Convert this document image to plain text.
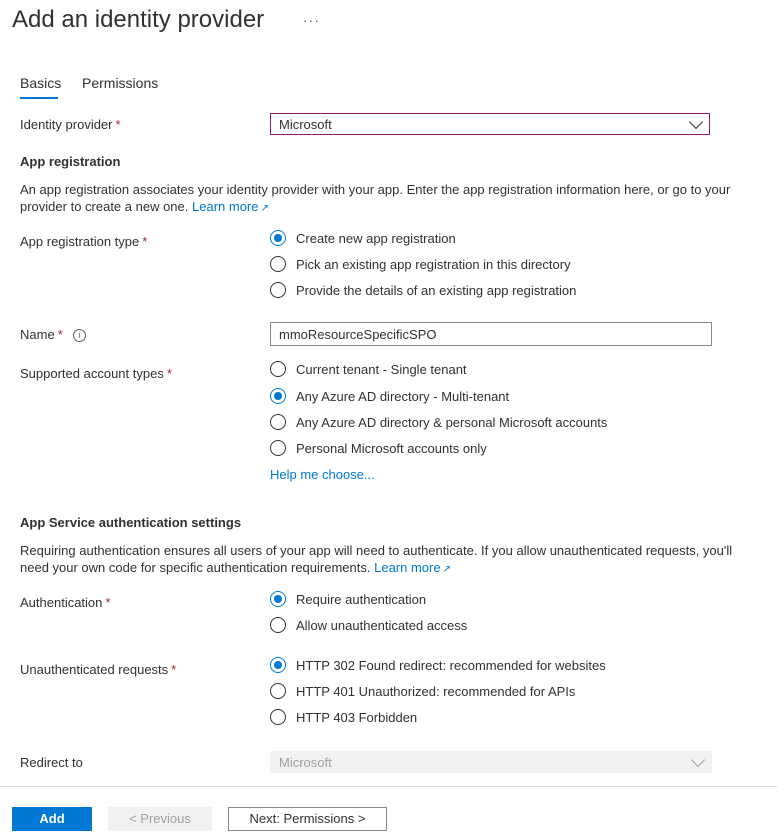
Add an identity provider	···
Basics Permissions
Identity provider *	Microsoft
App registration
An app registration associates your identity provider with your app. Enter the app registration information here, or go to your provider to create a new one. Learn more ↗
App registration type *	Create new app registration
Pick an existing app registration in this directory
Provide the details of an existing app registration
Name * i	mmoResourceSpecificSPO
Supported account types *	Current tenant - Single tenant
Any Azure AD directory - Multi-tenant
Any Azure AD directory & personal Microsoft accounts
Personal Microsoft accounts only
Help me choose...
App Service authentication settings
Requiring authentication ensures all users of your app will need to authenticate. If you allow unauthenticated requests, you'll need your own code for specific authentication requirements. Learn more ↗
Authentication *	Require authentication
Allow unauthenticated access
Unauthenticated requests *	HTTP 302 Found redirect: recommended for websites
HTTP 401 Unauthorized: recommended for APIs
HTTP 403 Forbidden
Redirect to	Microsoft
Add	< Previous	Next: Permissions >
